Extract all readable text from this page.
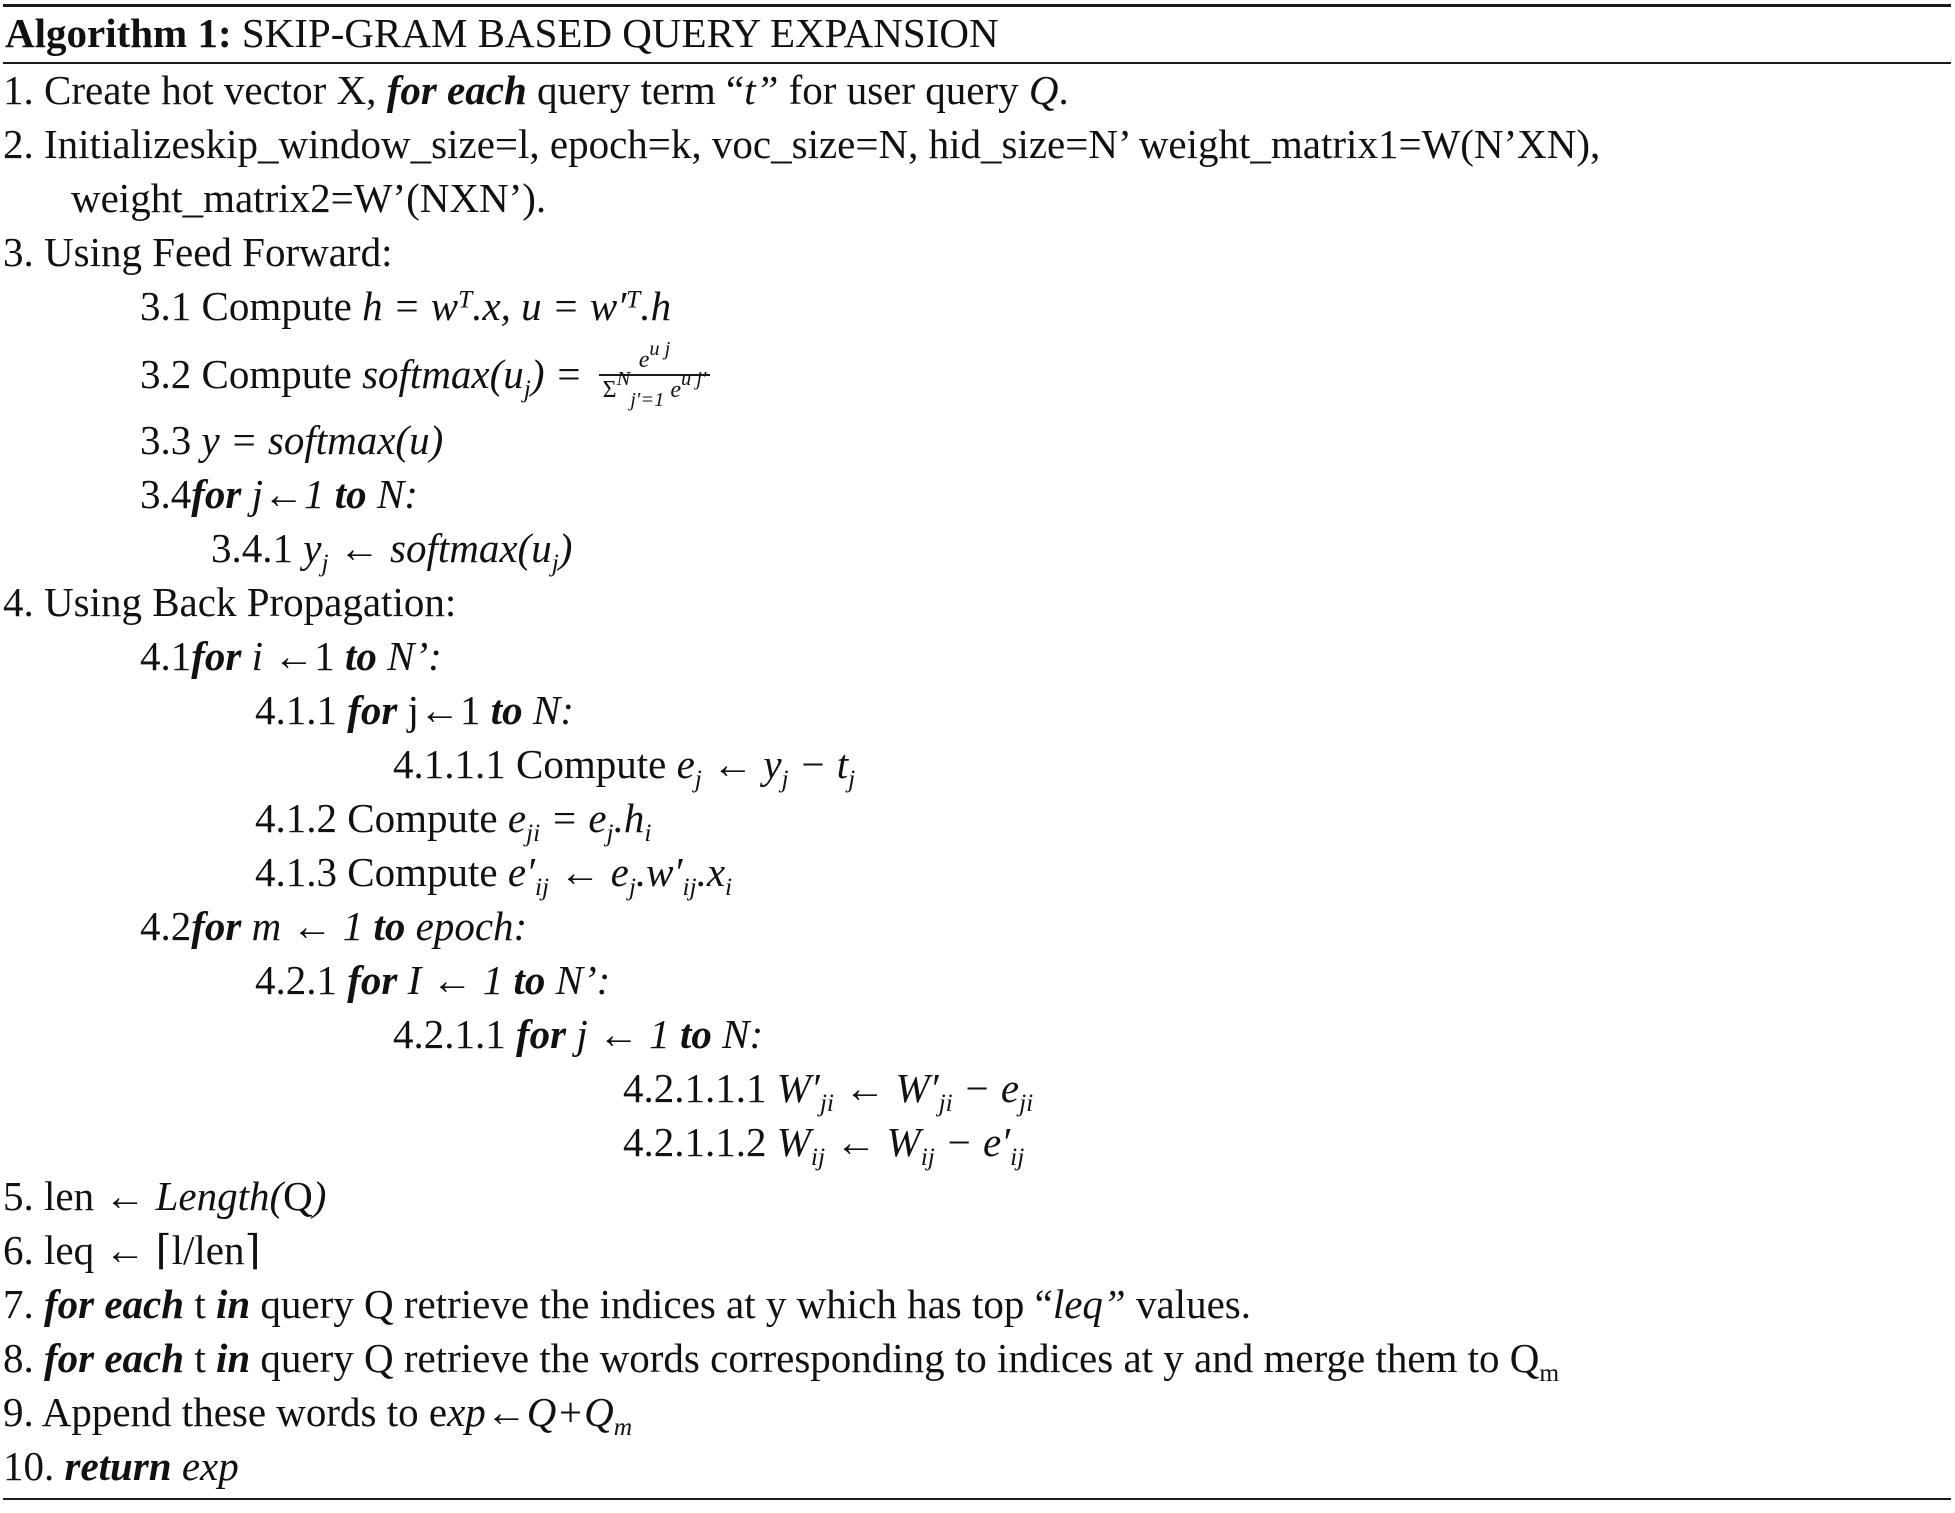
Algorithm 1: SKIP-GRAM BASED QUERY EXPANSION
1. Create hot vector X, for each query term “t” for user query Q.
2. Initializeskip_window_size=l, epoch=k, voc_size=N, hid_size=N’ weight_matrix1=W(N’XN),
weight_matrix2=W’(NXN’).
3. Using Feed Forward:
3.1 Compute $h = w^T.x$, $u = w'^T.h$
3.2 Compute $softmax(u_j) = \frac{e^{u j}}{\Sigma^N_{j'=1} e^{u j'}}$
3.3 y = softmax(u)
3.4for j←1 to N:
3.4.1 $y_j$ ← $softmax(u_j)$
4. Using Back Propagation:
4.1for i ←1 to N’:
4.1.1 for j←1 to N:
4.1.1.1 Compute $e_j$ ← $y_j - t_j$
4.1.2 Compute $e_{ji} = e_j.h_i$
4.1.3 Compute $e'_{ij}$ ← $e_j.w'_{ij}.x_i$
4.2for m ← 1 to epoch:
4.2.1 for I ← 1 to N’:
4.2.1.1 for j ← 1 to N:
4.2.1.1.1 $W'_{ji}$ ← $W'_{ji} - e_{ji}$
4.2.1.1.2 $W_{ij}$ ← $W_{ij} - e'_{ij}$
5. len ← Length(Q)
6. leq ← ⌈l/len⌉
7. for each t in query Q retrieve the indices at y which has top “leq” values.
8. for each t in query Q retrieve the words corresponding to indices at y and merge them to $Q_m$
9. Append these words to $\exp\leftarrow Q+Q_m$
10. return exp
